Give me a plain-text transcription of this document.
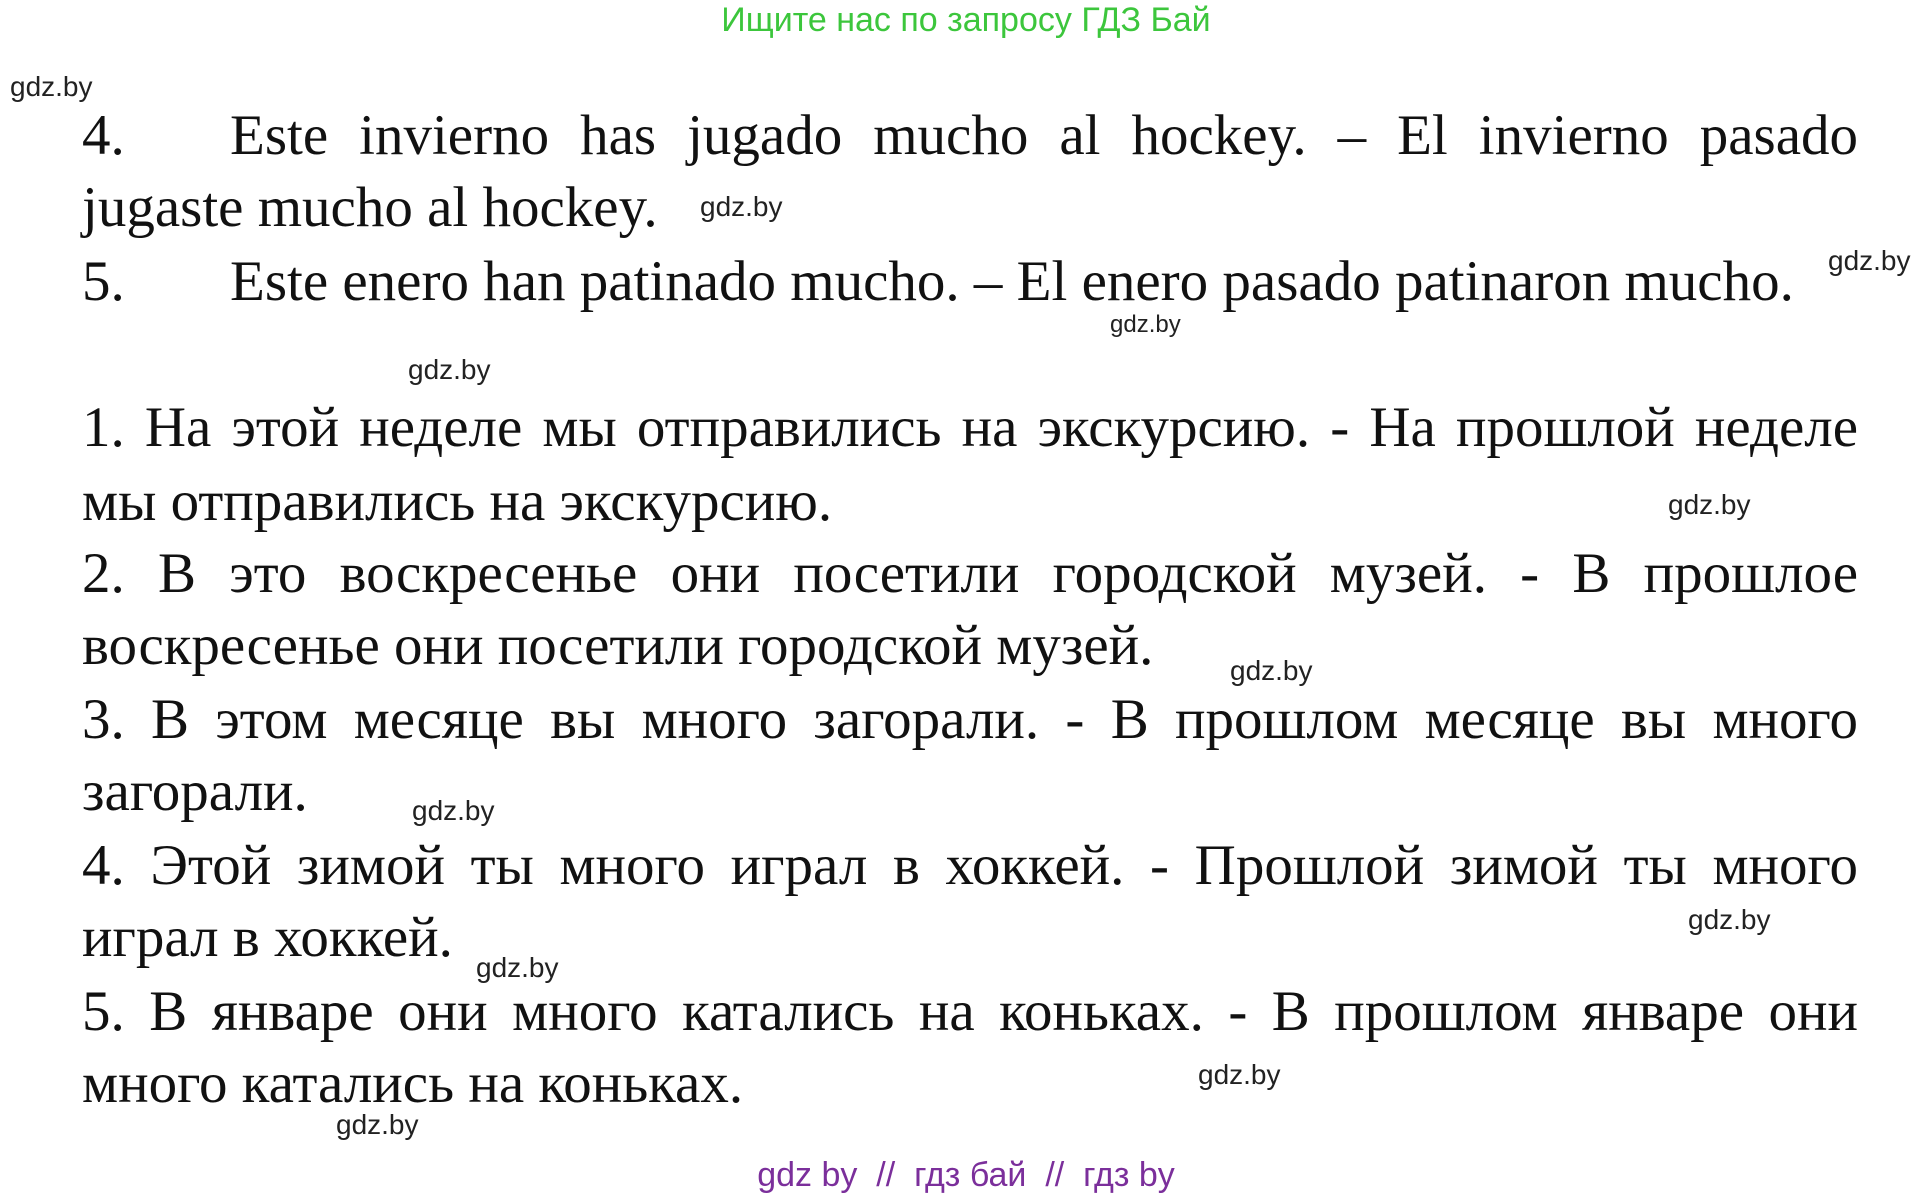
Ищите нас по запросу ГДЗ Бай
gdz.by
gdz.by
gdz.by
gdz.by
gdz.by
gdz.by
gdz.by
gdz.by
gdz.by
gdz.by
gdz.by
gdz.by
4. Este invierno has jugado mucho al hockey. – El invierno pasado
jugaste mucho al hockey.
5. Este enero han patinado mucho. – El enero pasado patinaron mucho.
1. На этой неделе мы отправились на экскурсию. - На прошлой неделе
мы отправились на экскурсию.
2. В это воскресенье они посетили городской музей. - В прошлое
воскресенье они посетили городской музей.
3. В этом месяце вы много загорали. - В прошлом месяце вы много
загорали.
4. Этой зимой ты много играл в хоккей. - Прошлой зимой ты много
играл в хоккей.
5. В январе они много катались на коньках. - В прошлом январе они
много катались на коньках.
gdz by  //  гдз бай  //  гдз by
